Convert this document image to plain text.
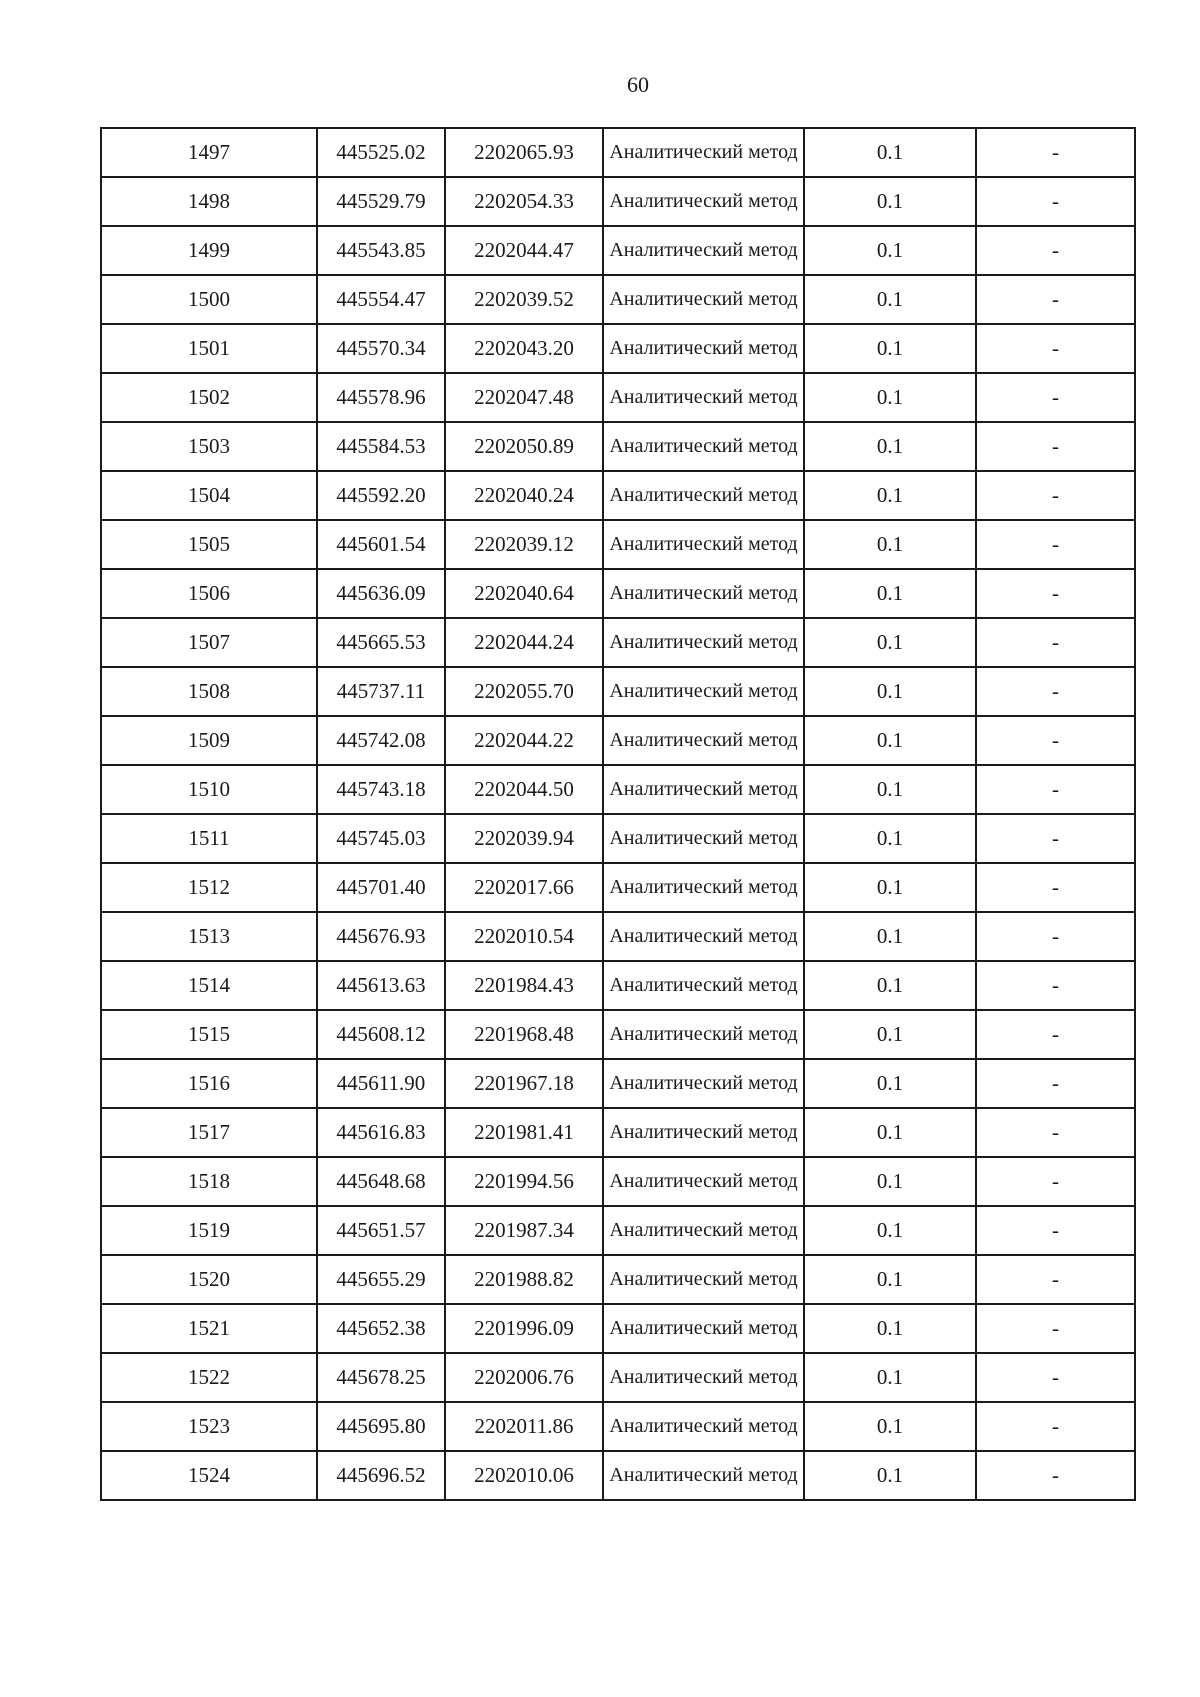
60
1497	445525.02	2202065.93	Аналитический метод	0.1	-
1498	445529.79	2202054.33	Аналитический метод	0.1	-
1499	445543.85	2202044.47	Аналитический метод	0.1	-
1500	445554.47	2202039.52	Аналитический метод	0.1	-
1501	445570.34	2202043.20	Аналитический метод	0.1	-
1502	445578.96	2202047.48	Аналитический метод	0.1	-
1503	445584.53	2202050.89	Аналитический метод	0.1	-
1504	445592.20	2202040.24	Аналитический метод	0.1	-
1505	445601.54	2202039.12	Аналитический метод	0.1	-
1506	445636.09	2202040.64	Аналитический метод	0.1	-
1507	445665.53	2202044.24	Аналитический метод	0.1	-
1508	445737.11	2202055.70	Аналитический метод	0.1	-
1509	445742.08	2202044.22	Аналитический метод	0.1	-
1510	445743.18	2202044.50	Аналитический метод	0.1	-
1511	445745.03	2202039.94	Аналитический метод	0.1	-
1512	445701.40	2202017.66	Аналитический метод	0.1	-
1513	445676.93	2202010.54	Аналитический метод	0.1	-
1514	445613.63	2201984.43	Аналитический метод	0.1	-
1515	445608.12	2201968.48	Аналитический метод	0.1	-
1516	445611.90	2201967.18	Аналитический метод	0.1	-
1517	445616.83	2201981.41	Аналитический метод	0.1	-
1518	445648.68	2201994.56	Аналитический метод	0.1	-
1519	445651.57	2201987.34	Аналитический метод	0.1	-
1520	445655.29	2201988.82	Аналитический метод	0.1	-
1521	445652.38	2201996.09	Аналитический метод	0.1	-
1522	445678.25	2202006.76	Аналитический метод	0.1	-
1523	445695.80	2202011.86	Аналитический метод	0.1	-
1524	445696.52	2202010.06	Аналитический метод	0.1	-
